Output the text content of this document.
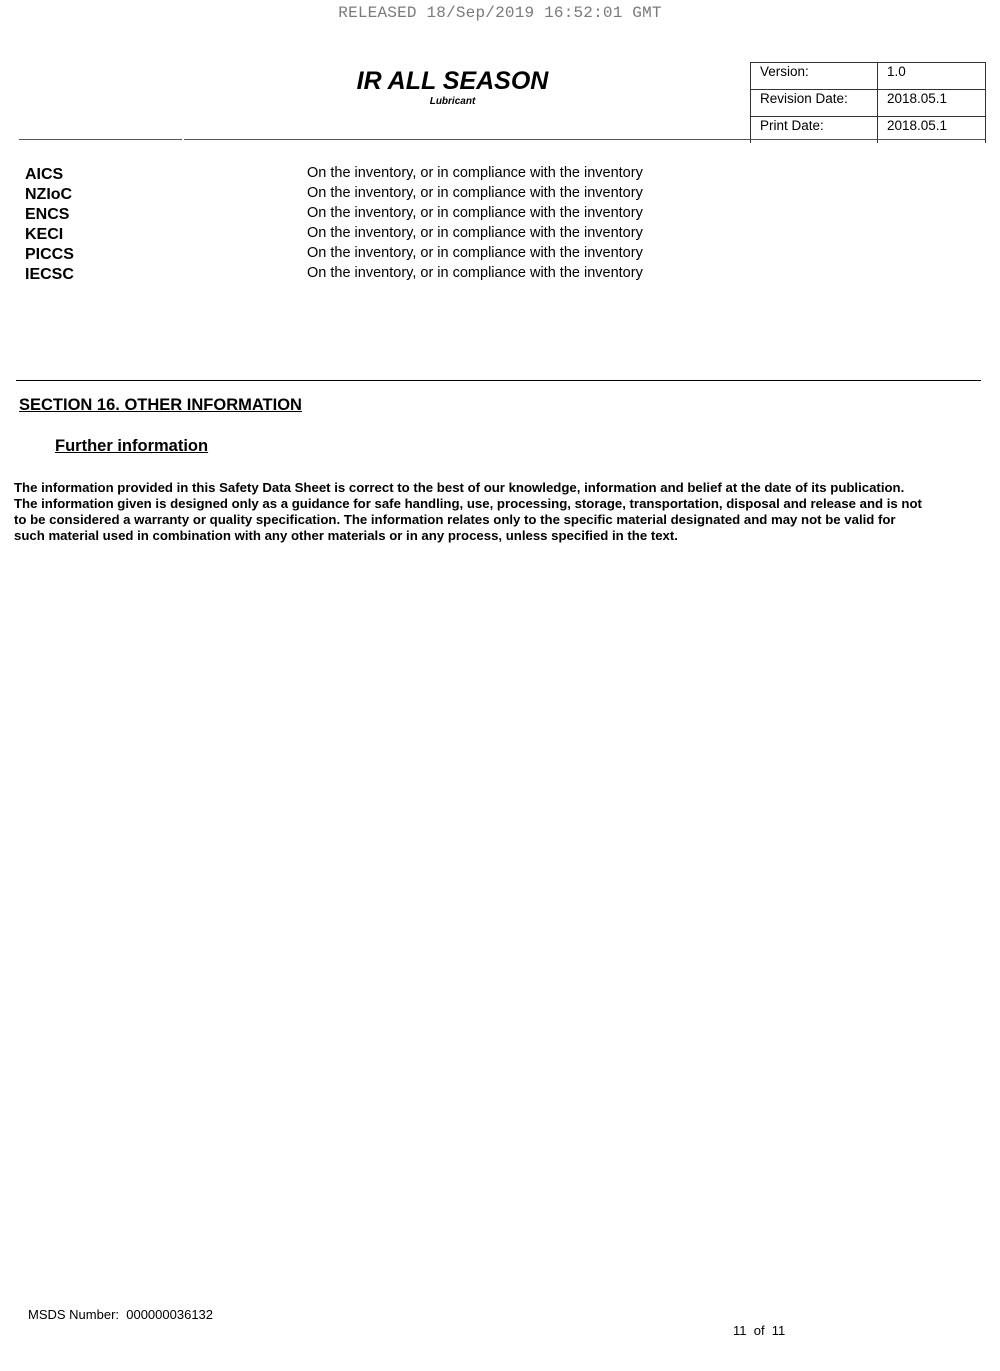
RELEASED 18/Sep/2019 16:52:01 GMT
IR ALL SEASON
Lubricant
Version:	1.0
Revision Date:	2018.05.1
Print Date:	2018.05.1
AICS	On the inventory, or in compliance with the inventory
NZIoC	On the inventory, or in compliance with the inventory
ENCS	On the inventory, or in compliance with the inventory
KECI	On the inventory, or in compliance with the inventory
PICCS	On the inventory, or in compliance with the inventory
IECSC	On the inventory, or in compliance with the inventory
SECTION 16. OTHER INFORMATION
Further information
The information provided in this Safety Data Sheet is correct to the best of our knowledge, information and belief at the date of its publication.
The information given is designed only as a guidance for safe handling, use, processing, storage, transportation, disposal and release and is not
to be considered a warranty or quality specification. The information relates only to the specific material designated and may not be valid for
such material used in combination with any other materials or in any process, unless specified in the text.
MSDS Number:  000000036132
11  of  11
